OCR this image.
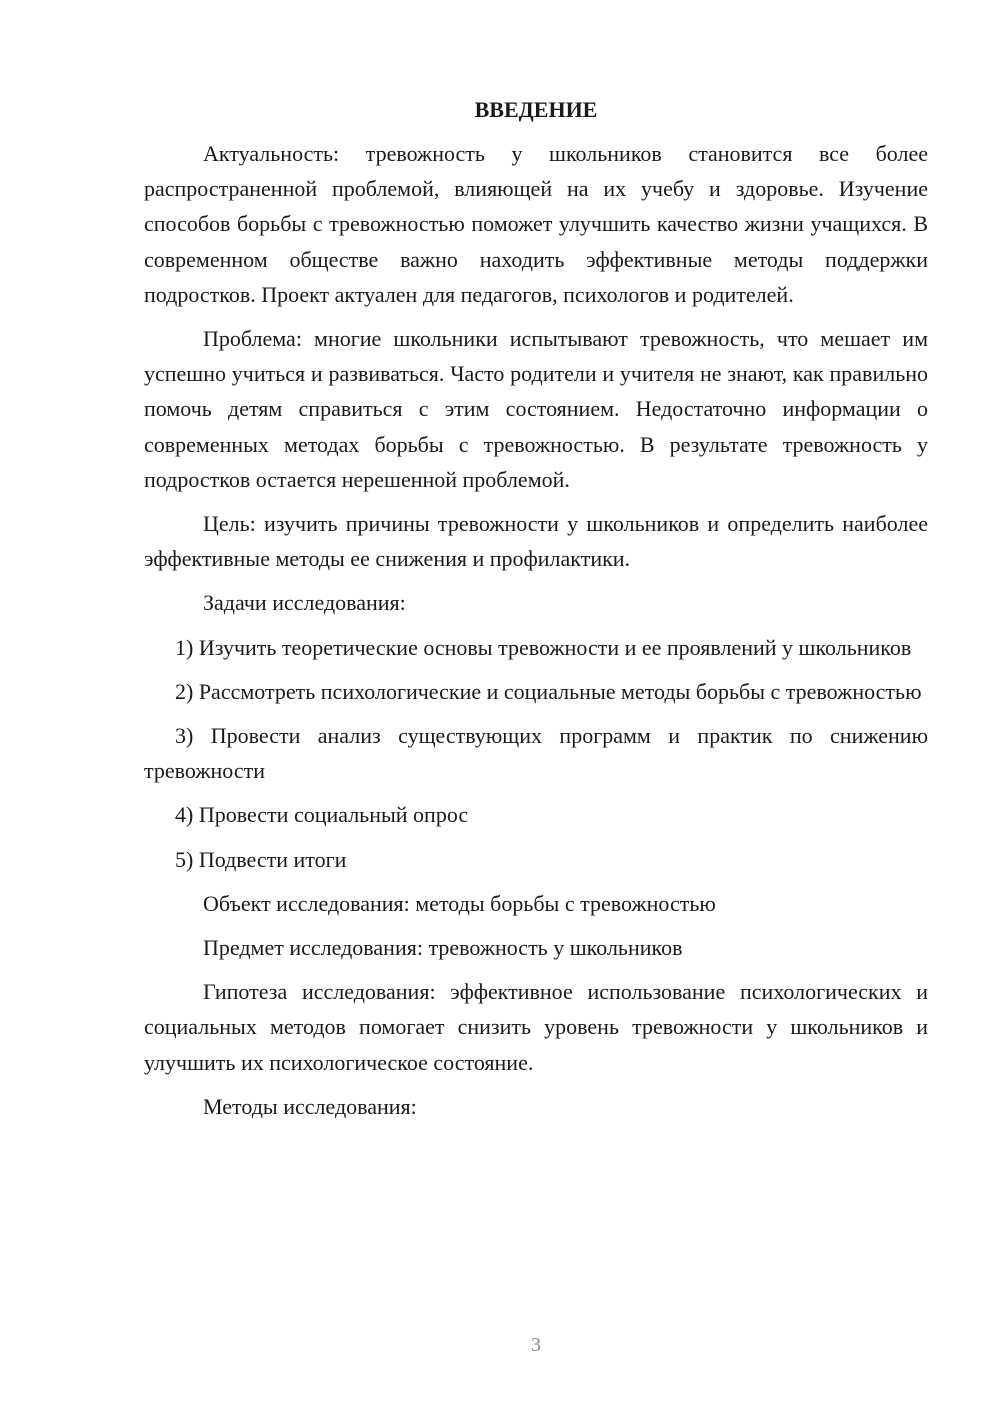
ВВЕДЕНИЕ

Актуальность: тревожность у школьников становится все более распространенной проблемой, влияющей на их учебу и здоровье. Изучение способов борьбы с тревожностью поможет улучшить качество жизни учащихся. В современном обществе важно находить эффективные методы поддержки подростков. Проект актуален для педагогов, психологов и родителей.

Проблема: многие школьники испытывают тревожность, что мешает им успешно учиться и развиваться. Часто родители и учителя не знают, как правильно помочь детям справиться с этим состоянием. Недостаточно информации о современных методах борьбы с тревожностью. В результате тревожность у подростков остается нерешенной проблемой.

Цель: изучить причины тревожности у школьников и определить наиболее эффективные методы ее снижения и профилактики.

Задачи исследования:

1) Изучить теоретические основы тревожности и ее проявлений у школьников

2) Рассмотреть психологические и социальные методы борьбы с тревожностью

3) Провести анализ существующих программ и практик по снижению тревожности

4) Провести социальный опрос

5) Подвести итоги

Объект исследования: методы борьбы с тревожностью

Предмет исследования: тревожность у школьников

Гипотеза исследования: эффективное использование психологических и социальных методов помогает снизить уровень тревожности у школьников и улучшить их психологическое состояние.

Методы исследования:

3
